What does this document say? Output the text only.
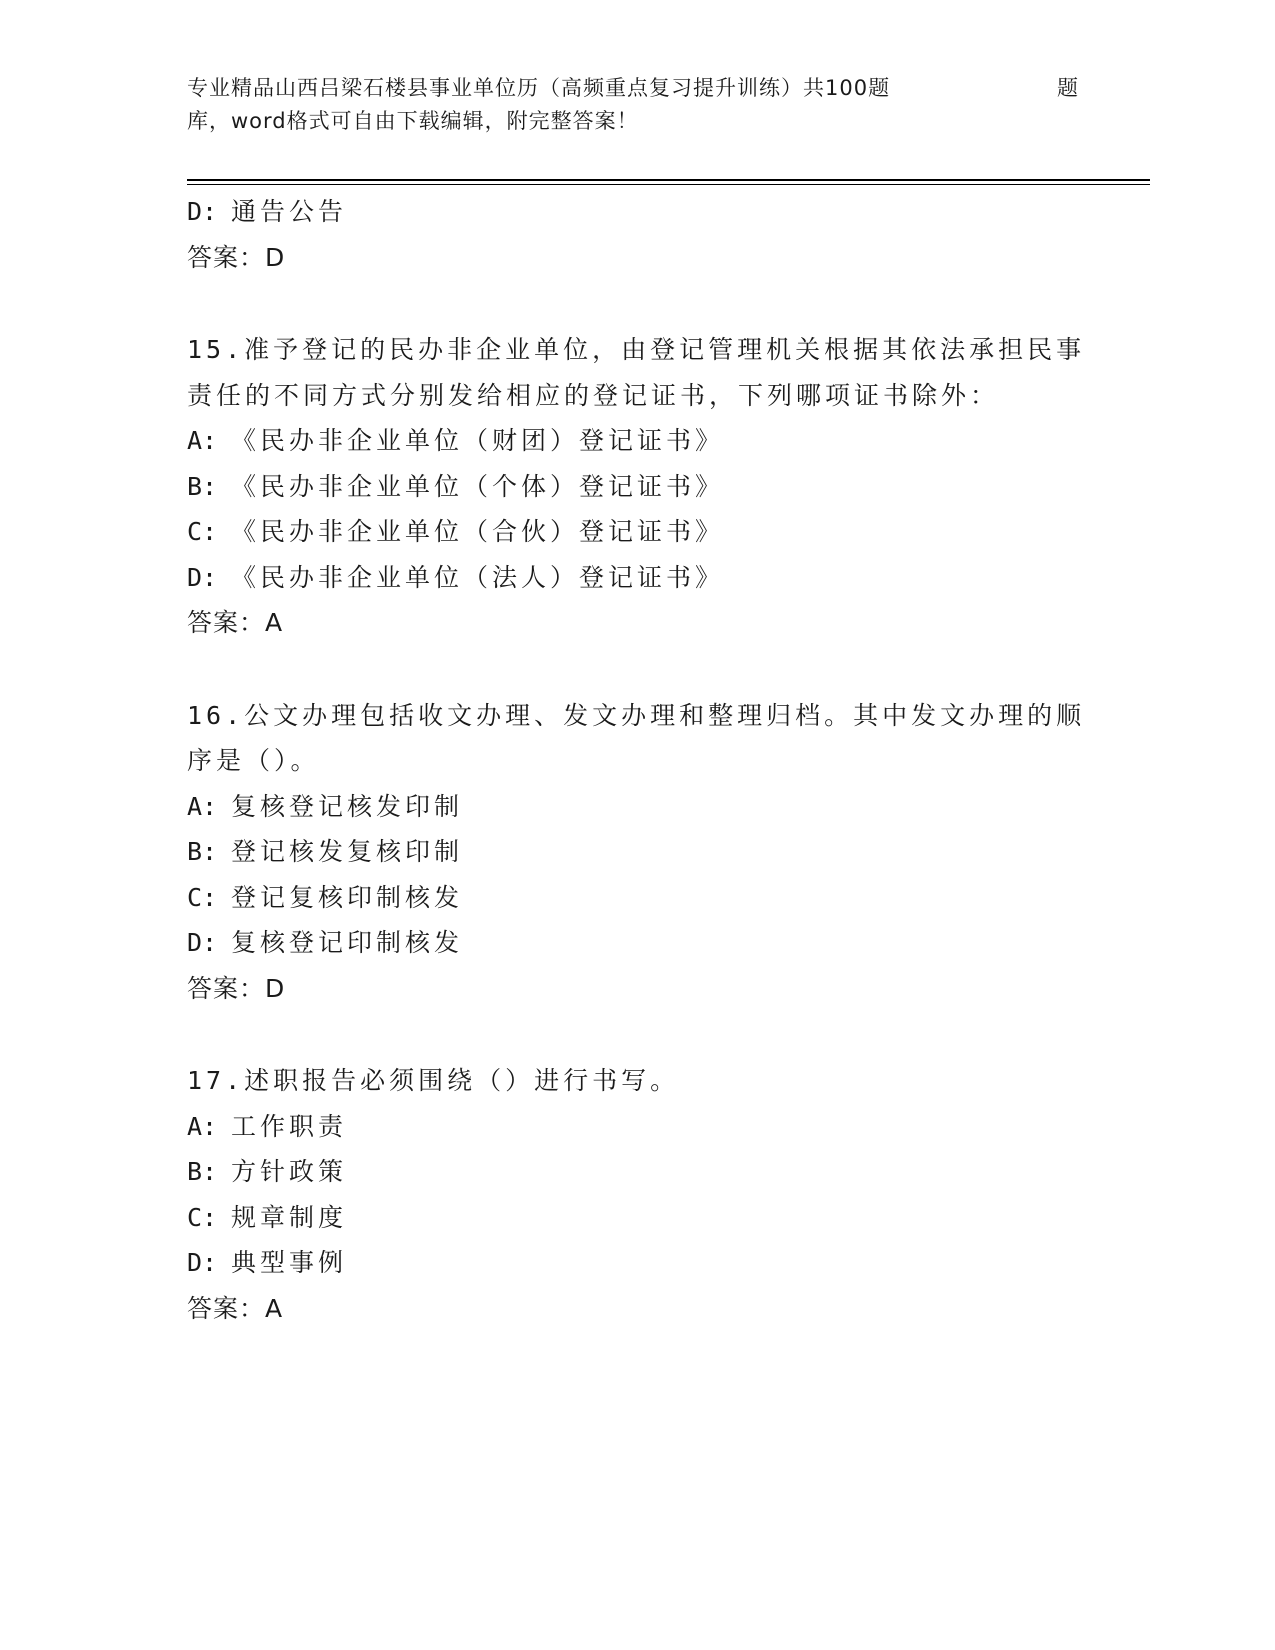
专业精品山西吕梁石楼县事业单位历（高频重点复习提升训练）共100题	题
库，word格式可自由下载编辑，附完整答案！
D: 通告公告
答案：D
15.准予登记的民办非企业单位，由登记管理机关根据其依法承担民事
责任的不同方式分别发给相应的登记证书，下列哪项证书除外：
A: 《民办非企业单位（财团）登记证书》
B: 《民办非企业单位（个体）登记证书》
C: 《民办非企业单位（合伙）登记证书》
D: 《民办非企业单位（法人）登记证书》
答案：A
16.公文办理包括收文办理、发文办理和整理归档。其中发文办理的顺
序是（）。
A: 复核登记核发印制
B: 登记核发复核印制
C: 登记复核印制核发
D: 复核登记印制核发
答案：D
17.述职报告必须围绕（）进行书写。
A: 工作职责
B: 方针政策
C: 规章制度
D: 典型事例
答案：A
